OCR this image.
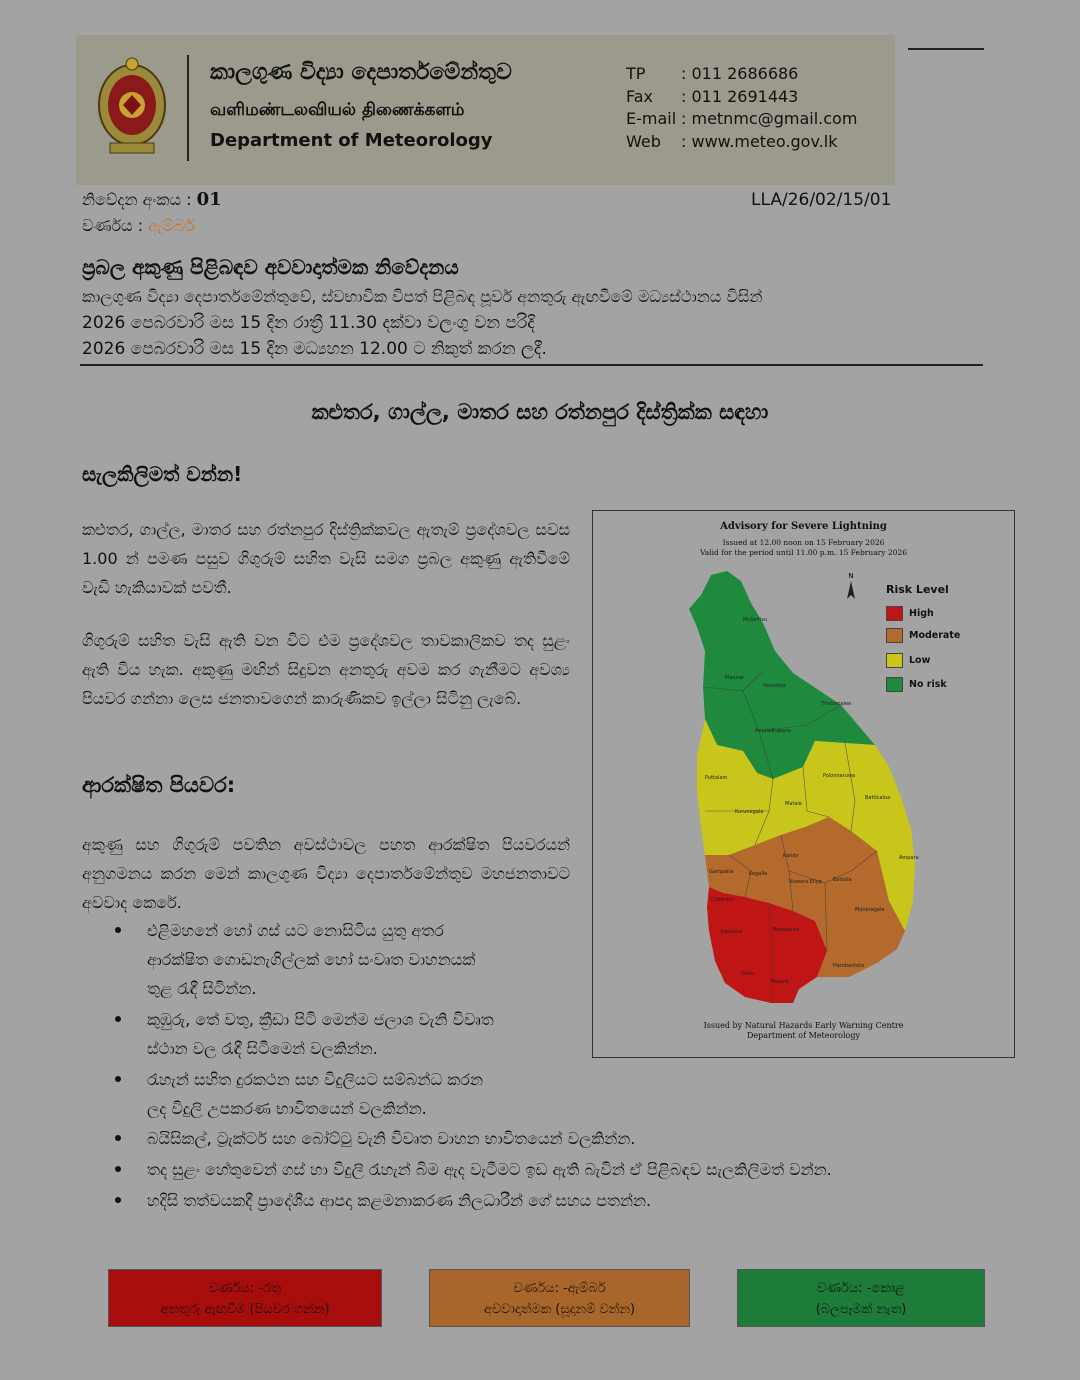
කාලගුණ විද්‍යා දෙපාර්තමේන්තුව
வளிமண்டலவியல் திணைக்களம்
Department of Meteorology
TP : 011 2686686
Fax : 011 2691443
E-mail : metnmc@gmail.com
Web : www.meteo.gov.lk
නිවේදන අංකය : 01	LLA/26/02/15/01
වර්ණය : ඇම්බර්
ප්‍රබල අකුණු පිළිබඳව අවවාදාත්මක නිවේදනය
කාලගුණ විද්‍යා දෙපාර්තමේන්තුවේ, ස්වභාවික විපත් පිළිබඳ පූර්ව අනතුරු ඇඟවීමේ මධ්‍යස්ථානය විසින්
2026 පෙබරවාරි මස 15 දින රාත්‍රී 11.30 දක්වා වලංගු වන පරිදි
2026 පෙබරවාරි මස 15 දින මධ්‍යහන 12.00 ට නිකුත් කරන ලදී.
කළුතර, ගාල්ල, මාතර සහ රත්නපුර දිස්ත්‍රික්ක සඳහා
සැලකිලිමත් වන්න!
කළුතර, ගාල්ල, මාතර සහ රත්නපුර දිස්ත්‍රික්කවල ඇතැම් ප්‍රදේශවල සවස 1.00 න් පමණ පසුව ගිගුරුම් සහිත වැසි සමග ප්‍රබල අකුණු ඇතිවීමේ වැඩි හැකියාවක් පවතී.
ගිගුරුම් සහිත වැසි ඇති වන විට එම ප්‍රදේශවල තාවකාලිකව තද සුළං ඇති විය හැක. අකුණු මඟින් සිදුවන අනතුරු අවම කර ගැනීමට අවශ්‍ය පියවර ගන්නා ලෙස ජනතාවගෙන් කාරුණිකව ඉල්ලා සිටිනු ලැබේ.
ආරක්ෂිත පියවර:
අකුණු සහ ගිගුරුම් පවතින අවස්ථාවල පහත ආරක්ෂිත පියවරයන් අනුගමනය කරන මෙන් කාලගුණ විද්‍යා දෙපාර්තමේන්තුව මහජනතාවට අවවාද කෙරේ.
එළිමහනේ හෝ ගස් යට නොසිටිය යුතු අතර
ආරක්ෂිත ගොඩනැගිල්ලක් හෝ සංවෘත වාහනයක්
තුළ රැඳී සිටින්න.
කුඹුරු, තේ වතු, ක්‍රීඩා පිටි මෙන්ම ජලාශ වැනි විවෘත
ස්ථාන වල රැඳී සිටීමෙන් වලකින්න.
රැහැන් සහිත දුරකථන සහ විදුලියට සම්බන්ධ කරන
ලද විදුලි උපකරණ භාවිතයෙන් වලකින්න.
බයිසිකල්, ට්‍රැක්ටර් සහ බෝට්ටු වැනි විවෘත වාහන භාවිතයෙන් වලකින්න.
තද සුළං හේතුවෙන් ගස් හා විදුලි රැහැන් බිම ඇද වැටීමට ඉඩ ඇති බැවින් ඒ පිළිබඳව සැලකිලිමත් වන්න.
හදිසි තත්වයකදී ප්‍රාදේශීය ආපදා කළමනාකරණ නිලධාරීන් ගේ සහය පතන්න.
Advisory for Severe Lightning
Issued at 12.00 noon on 15 February 2026
Valid for the period until 11.00 p.m. 15 February 2026
N
Risk Level
High
Moderate
Low
No risk
Mullaitivu
Mannar
Vavuniya
Trincomalee
Anuradhapura
Puttalam	Polonnaruwa
Batticaloa
Kurunegala
Matale
Kandy	Ampara
Gampaha	Kegalle
Nuwara Eliya Badulla
Colombo
Moneragala
Kalutara	Ratnapura
Hambantota
Galle
Matara
Issued by Natural Hazards Early Warning Centre
Department of Meteorology
වර්ණය: -රතු
අනතුරු ඇඟවීම (පියවර ගන්න)
වර්ණය: -ඇම්බර්
අවවාදාත්මක (සූදානම් වන්න)
වර්ණය: -කොළ
(බලපෑමක් නැත)
